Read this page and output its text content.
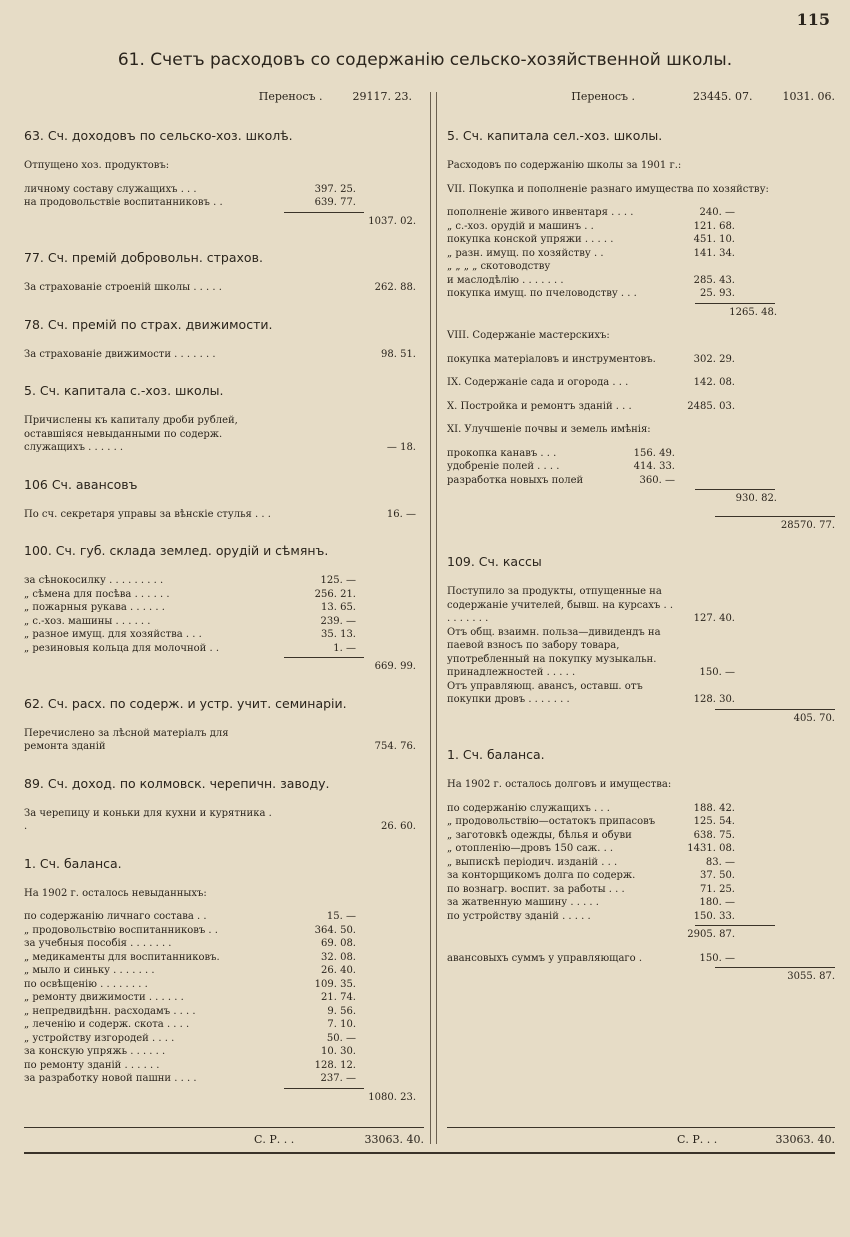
115
61. Счетъ расходовъ со содержанію сельско-хозяйственной школы.
Переносъ .	29117. 23.
63. Сч. доходовъ по сельско-хоз. школѣ.
Отпущено хоз. продуктовъ:
личному составу служащихъ . . .	397. 25.
на продовольствіе воспитанниковъ . .	639. 77.
1037. 02.
77. Сч. премій добровольн. страхов.
За страхованіе строеній школы . . . . .	262. 88.
78. Сч. премій по страх. движимости.
За страхованіе движимости . . . . . . .	98. 51.
5. Сч. капитала с.-хоз. школы.
Причислены къ капиталу дроби рублей, оставшіяся невыданными по содерж. служащихъ . . . . . .	— 18.
106 Сч. авансовъ
По сч. секретаря управы за вѣнскіе стулья . . .	16. —
100. Сч. губ. склада землед. орудій и сѣмянъ.
за сѣнокосилку . . . . . . . . .	125. —
„ сѣмена для посѣва . . . . . .	256. 21.
„ пожарныя рукава . . . . . .	13. 65.
„ с.-хоз. машины . . . . . .	239. —
„ разное имущ. для хозяйства . . .	35. 13.
„ резиновыя кольца для молочной . .	1. —
669. 99.
62. Сч. расх. по содерж. и устр. учит. семинаріи.
Перечислено за лѣсной матеріалъ для ремонта зданій	754. 76.
89. Сч. доход. по колмовск. черепичн. заводу.
За черепицу и коньки для кухни и курятника . .	26. 60.
1. Сч. баланса.
На 1902 г. осталось невыданныхъ:
по содержанію личнаго состава . .	15. —
„ продовольствію воспитанниковъ . .	364. 50.
за учебныя пособія . . . . . . .	69. 08.
„ медикаменты для воспитанниковъ.	32. 08.
„ мыло и синьку . . . . . . .	26. 40.
по освѣщенію . . . . . . . .	109. 35.
„ ремонту движимости . . . . . .	21. 74.
„ непредвидѣнн. расходамъ . . . .	9. 56.
„ леченію и содерж. скота . . . .	7. 10.
„ устройству изгородей . . . .	50. —
за конскую упряжь . . . . . .	10. 30.
по ремонту зданій . . . . . .	128. 12.
за разработку новой пашни . . . .	237. —
1080. 23.
Переносъ .	23445. 07.	1031. 06.
5. Сч. капитала сел.-хоз. школы.
Расходовъ по содержанію школы за 1901 г.:
VII. Покупка и пополненіе разнаго имущества по хозяйству:
пополненіе живого инвентаря . . . .	240. —
„ с.-хоз. орудій и машинъ . .	121. 68.
покупка конской упряжи . . . . .	451. 10.
„ разн. имущ. по хозяйству . .	141. 34.
„ „ „ „ скотоводству
и маслодѣлію . . . . . . .	285. 43.
покупка имущ. по пчеловодству . . .	25. 93.
1265. 48.
VIII. Содержаніе мастерскихъ:
покупка матеріаловъ и инструментовъ.	302. 29.
IX. Содержаніе сада и огорода . . .	142. 08.
X. Постройка и ремонтъ зданій . . .	2485. 03.
XI. Улучшеніе почвы и земель имѣнія:
прокопка канавъ . . .	156. 49.
удобреніе полей . . . .	414. 33.
разработка новыхъ полей	360. —
930. 82.
28570. 77.
109. Сч. кассы
Поступило за продукты, отпущенные на содержаніе учителей, бывш. на курсахъ . . . . . . . . .	127. 40.
Отъ общ. взаимн. польза—дивидендъ на паевой взносъ по забору товара, употребленный на покупку музыкальн. принадлежностей . . . . .	150. —
Отъ управляющ. авансъ, оставш. отъ покупки дровъ . . . . . . .	128. 30.
405. 70.
1. Сч. баланса.
На 1902 г. осталось долговъ и имущества:
по содержанію служащихъ . . .	188. 42.
„ продовольствію—остатокъ припасовъ	125. 54.
„ заготовкѣ одежды, бѣлья и обуви	638. 75.
„ отопленію—дровъ 150 саж. . .	1431. 08.
„ выпискѣ періодич. изданій . . .	83. —
за конторщикомъ долга по содерж.	37. 50.
по вознагр. воспит. за работы . . .	71. 25.
за жатвенную машину . . . . .	180. —
по устройству зданій . . . . .	150. 33.
2905. 87.
авансовыхъ суммъ у управляющаго .	150. —
3055. 87.
С. Р. . .	33063. 40.	С. Р. . .	33063. 40.
